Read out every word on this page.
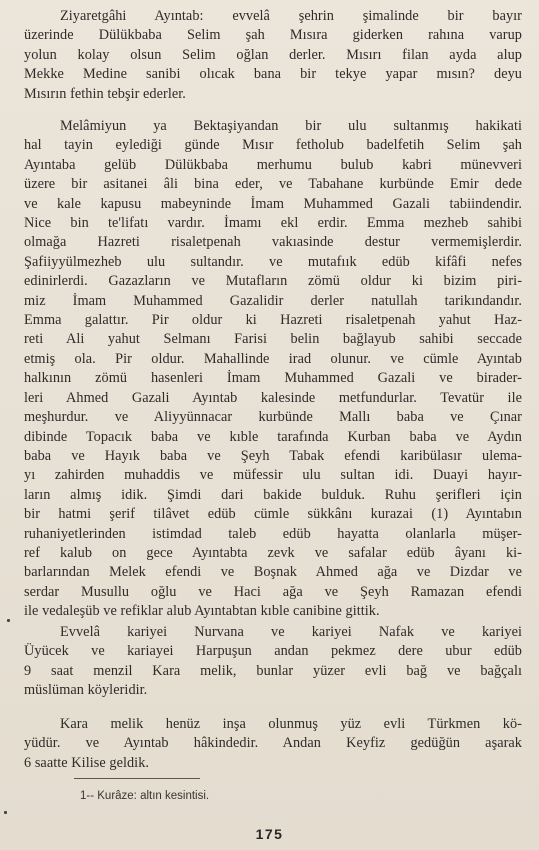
Ziyaretgâhi Ayıntab: evvelâ şehrin şimalinde bir bayır
üzerinde Dülükbaba Selim şah Mısıra giderken rahına varup
yolun kolay olsun Selim oğlan derler. Mısırı filan ayda alup
Mekke Medine sanibi olıcak bana bir tekye yapar mısın? deyu
Mısırın fethin tebşir ederler.
Melâmiyun ya Bektaşiyandan bir ulu sultanmış hakikati
hal tayin eylediği günde Mısır fetholub badelfetih Selim şah
Ayıntaba gelüb Dülükbaba merhumu bulub kabri münevveri
üzere bir asitanei âli bina eder, ve Tabahane kurbünde Emir dede
ve kale kapusu mabeyninde İmam Muhammed Gazali tabiindendir.
Nice bin te'lifatı vardır. İmamı ekl erdir. Emma mezheb sahibi
olmağa Hazreti risaletpenah vakıasinde destur vermemişlerdir.
Şafiiyyülmezheb ulu sultandır. ve mutafıık edüb kifâfi nefes
edinirlerdi. Gazazların ve Mutafların zömü oldur ki bizim piri-
miz İmam Muhammed Gazalidir derler natullah tarikındandır.
Emma galattır. Pir oldur ki Hazreti risaletpenah yahut Haz-
reti Ali yahut Selmanı Farisi belin bağlayub sahibi seccade
etmiş ola. Pir oldur. Mahallinde irad olunur. ve cümle Ayıntab
halkının zömü hasenleri İmam Muhammed Gazali ve birader-
leri Ahmed Gazali Ayıntab kalesinde metfundurlar. Tevatür ile
meşhurdur. ve Aliyyünnacar kurbünde Mallı baba ve Çınar
dibinde Topacık baba ve kıble tarafında Kurban baba ve Aydın
baba ve Hayık baba ve Şeyh Tabak efendi karibülasır ulema-
yı zahirden muhaddis ve müfessir ulu sultan idi. Duayi hayır-
ların almış idik. Şimdi dari bakide bulduk. Ruhu şerifleri için
bir hatmi şerif tilâvet edüb cümle sükkânı kurazai (1) Ayıntabın
ruhaniyetlerinden istimdad taleb edüb hayatta olanlarla müşer-
ref kalub on gece Ayıntabta zevk ve safalar edüb âyanı ki-
barlarından Melek efendi ve Boşnak Ahmed ağa ve Dizdar ve
serdar Musullu oğlu ve Haci ağa ve Şeyh Ramazan efendi
ile vedaleşüb ve refiklar alub Ayıntabtan kıble canibine gittik.
Evvelâ kariyei Nurvana ve kariyei Nafak ve kariyei
Üyücek ve kariayei Harpuşun andan pekmez dere ubur edüb
9 saat menzil Kara melik, bunlar yüzer evli bağ ve bağçalı
müslüman köyleridir.
Kara melik henüz inşa olunmuş yüz evli Türkmen kö-
yüdür. ve Ayıntab hâkindedir. Andan Keyfiz gedüğün aşarak
6 saatte Kilise geldik.
1-- Kurâze: altın kesintisi.
175
